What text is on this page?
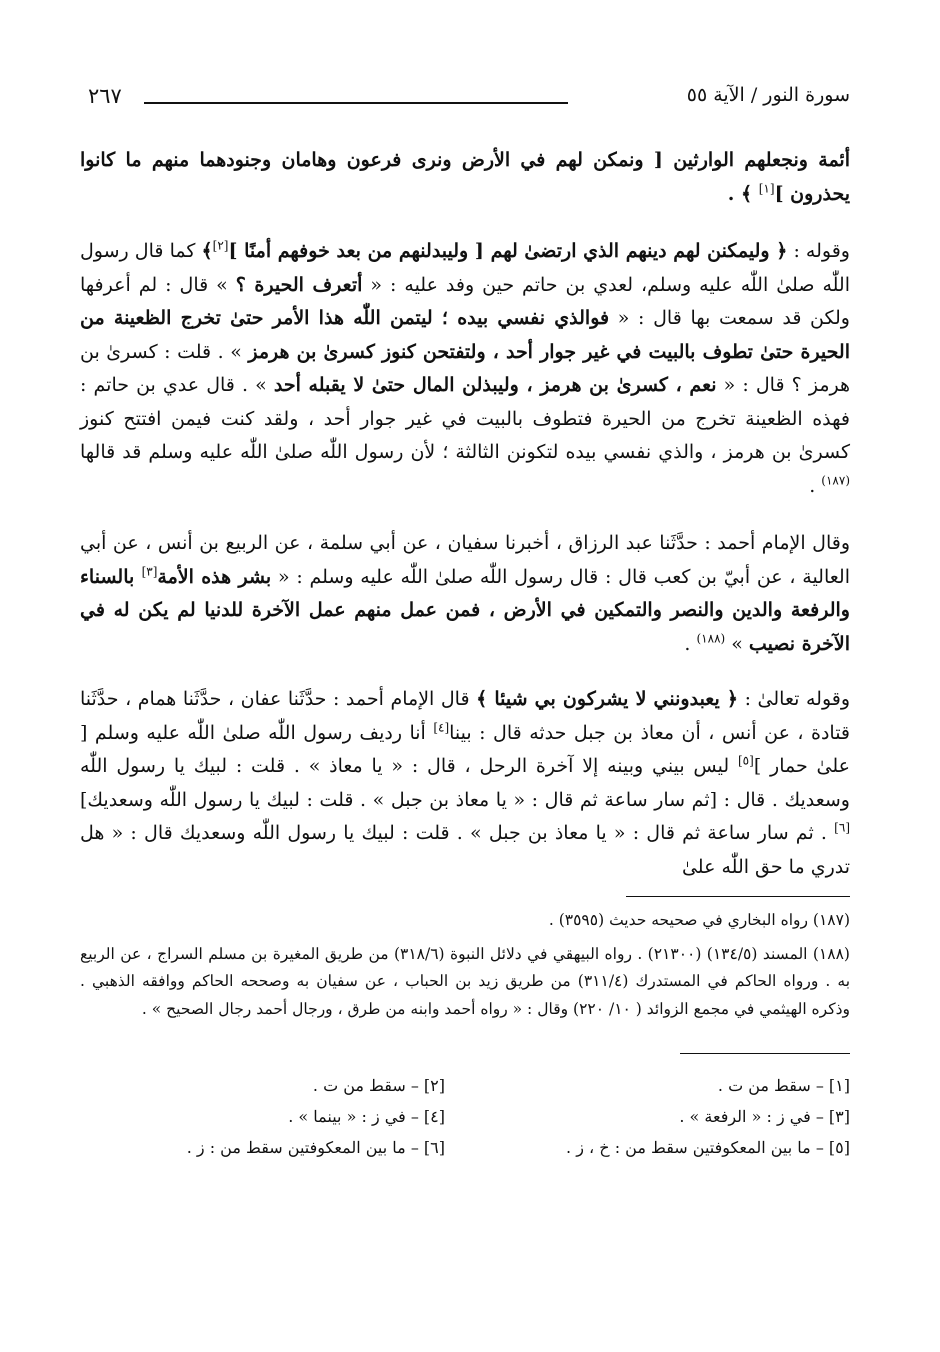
سورة النور / الآية ٥٥
٢٦٧

أئمة ونجعلهم الوارثين [ ونمكن لهم في الأرض ونرى فرعون وهامان وجنودهما منهم ما كانوا يحذرون ][١] ﴾ .

وقوله : ﴿ وليمكنن لهم دينهم الذي ارتضىٰ لهم [ وليبدلنهم من بعد خوفهم أمنًا ][٢]﴾ كما قال رسول اللّٰه صلىٰ اللّٰه عليه وسلم، لعدي بن حاتم حين وفد عليه : « أتعرف الحيرة ؟ » قال : لم أعرفها ولكن قد سمعت بها قال : « فوالذي نفسي بيده ؛ ليتمن اللّٰه هذا الأمر حتىٰ تخرج الظعينة من الحيرة حتىٰ تطوف بالبيت في غير جوار أحد ، ولتفتحن كنوز كسرىٰ بن هرمز » . قلت : كسرىٰ بن هرمز ؟ قال : « نعم ، كسرىٰ بن هرمز ، وليبذلن المال حتىٰ لا يقبله أحد » . قال عدي بن حاتم : فهذه الظعينة تخرج من الحيرة فتطوف بالبيت في غير جوار أحد ، ولقد كنت فيمن افتتح كنوز كسرىٰ بن هرمز ، والذي نفسي بيده لتكونن الثالثة ؛ لأن رسول اللّٰه صلىٰ اللّٰه عليه وسلم قد قالها $^{(١٨٧)}$ .

وقال الإمام أحمد : حدَّثَنا عبد الرزاق ، أخبرنا سفيان ، عن أبي سلمة ، عن الربيع بن أنس ، عن أبي العالية ، عن أبيّ بن كعب قال : قال رسول اللّٰه صلىٰ اللّٰه عليه وسلم : « بشر هذه الأمة[٣] بالسناء والرفعة والدين والنصر والتمكين في الأرض ، فمن عمل منهم عمل الآخرة للدنيا لم يكن له في الآخرة نصيب » $^{(١٨٨)}$ .

وقوله تعالىٰ : ﴿ يعبدونني لا يشركون بي شيئا ﴾ قال الإمام أحمد : حدَّثَنا عفان ، حدَّثَنا همام ، حدَّثَنا قتادة ، عن أنس ، أن معاذ بن جبل حدثه قال : بينا[٤] أنا رديف رسول اللّٰه صلىٰ اللّٰه عليه وسلم [ علىٰ حمار ][٥] ليس بيني وبينه إلا آخرة الرحل ، قال : « يا معاذ » . قلت : لبيك يا رسول اللّٰه وسعديك . قال : [ثم سار ساعة ثم قال : « يا معاذ بن جبل » . قلت : لبيك يا رسول اللّٰه وسعديك][٦] . ثم سار ساعة ثم قال : « يا معاذ بن جبل » . قلت : لبيك يا رسول اللّٰه وسعديك قال : « هل تدري ما حق اللّٰه علىٰ

(١٨٧) رواه البخاري في صحيحه حديث (٣٥٩٥) .

(١٨٨) المسند (١٣٤/٥) (٢١٣٠٠) . رواه البيهقي في دلائل النبوة (٣١٨/٦) من طريق المغيرة بن مسلم السراج ، عن الربيع به . ورواه الحاكم في المستدرك (٣١١/٤) من طريق زيد بن الحباب ، عن سفيان به وصححه الحاكم ووافقه الذهبي . وذكره الهيثمي في مجمع الزوائد ( ١٠/ ٢٢٠) وقال : « رواه أحمد وابنه من طرق ، ورجال أحمد رجال الصحيح » .

[١] – سقط من ت .
[٢] – سقط من ت .
[٣] – في ز : « الرفعة » .
[٤] – في ز : « بينما » .
[٥] – ما بين المعكوفتين سقط من : خ ، ز .
[٦] – ما بين المعكوفتين سقط من : ز .
